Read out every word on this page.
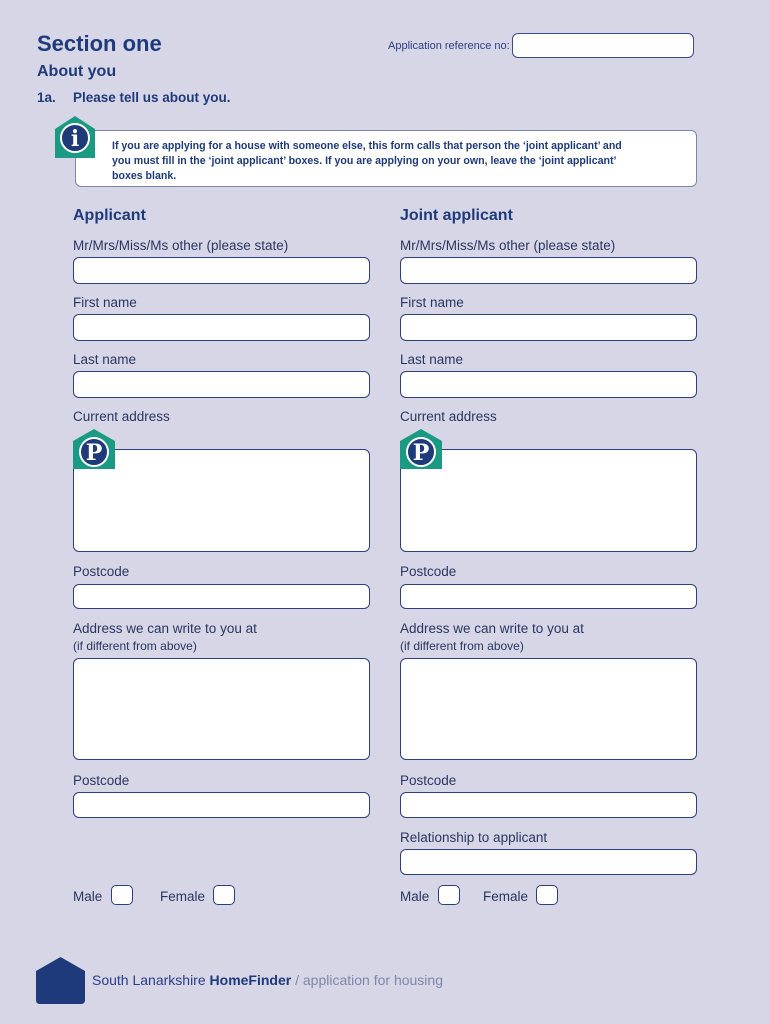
Section one
About you
1a. Please tell us about you.
Application reference no:
If you are applying for a house with someone else, this form calls that person the ‘joint applicant’ and
you must fill in the ‘joint applicant’ boxes. If you are applying on your own, leave the ‘joint applicant’
boxes blank.
i
Applicant
Mr/Mrs/Miss/Ms other (please state)
First name
Last name
Current address
P
Postcode
Address we can write to you at
(if different from above)
Postcode
Male	Female
Joint applicant
Mr/Mrs/Miss/Ms other (please state)
First name
Last name
Current address
P
Postcode
Address we can write to you at
(if different from above)
Postcode
Relationship to applicant
Male	Female
South Lanarkshire HomeFinder / application for housing
